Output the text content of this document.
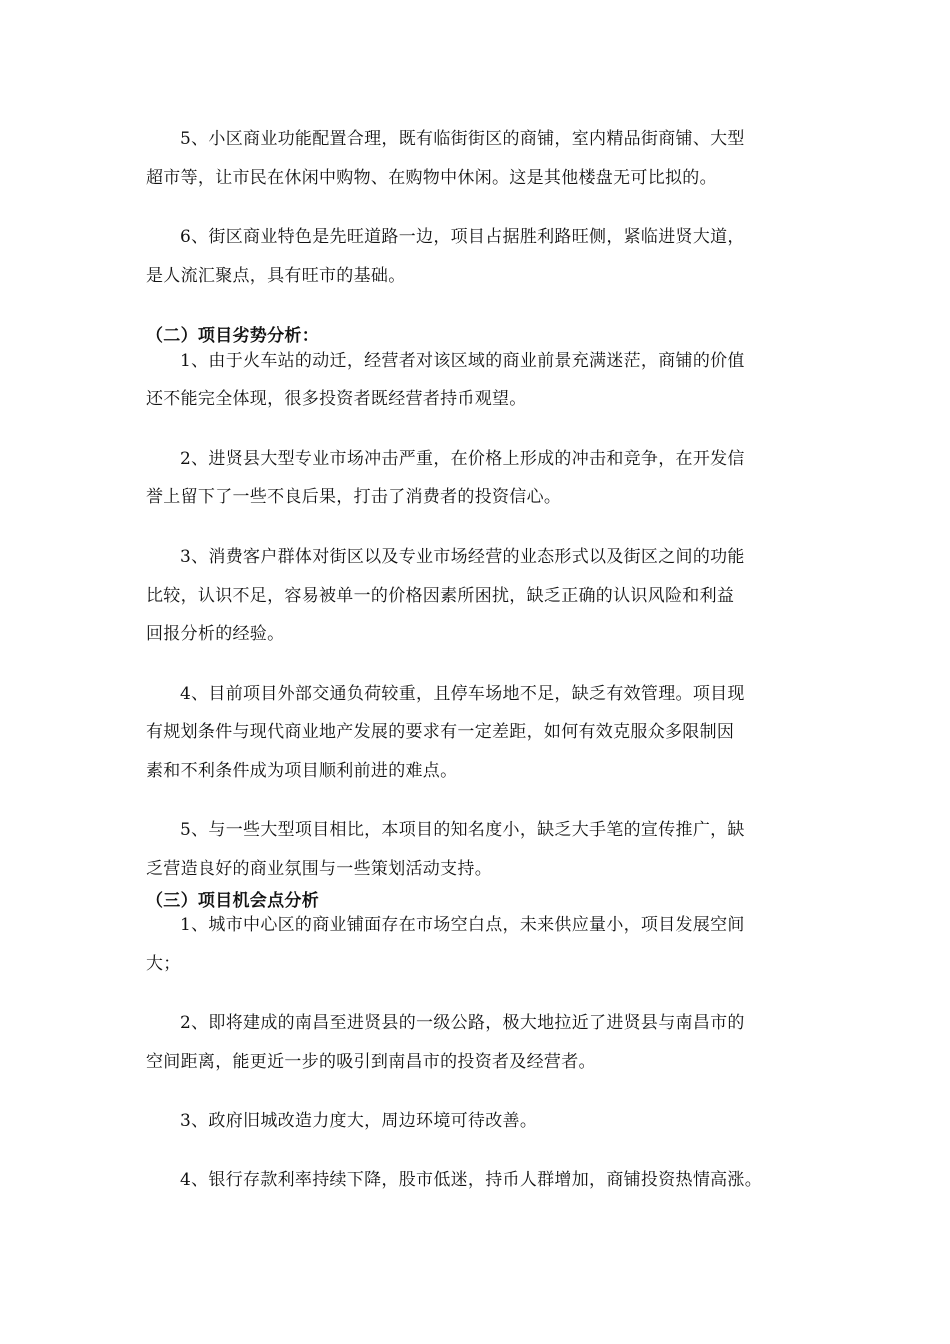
5、小区商业功能配置合理，既有临街街区的商铺，室内精品街商铺、大型
超市等，让市民在休闲中购物、在购物中休闲。这是其他楼盘无可比拟的。
6、街区商业特色是先旺道路一边，项目占据胜利路旺侧，紧临进贤大道，
是人流汇聚点，具有旺市的基础。
（二）项目劣势分析：
1、由于火车站的动迁，经营者对该区域的商业前景充满迷茫，商铺的价值
还不能完全体现，很多投资者既经营者持币观望。
2、进贤县大型专业市场冲击严重，在价格上形成的冲击和竞争，在开发信
誉上留下了一些不良后果，打击了消费者的投资信心。
3、消费客户群体对街区以及专业市场经营的业态形式以及街区之间的功能
比较，认识不足，容易被单一的价格因素所困扰，缺乏正确的认识风险和利益
回报分析的经验。
4、目前项目外部交通负荷较重，且停车场地不足，缺乏有效管理。项目现
有规划条件与现代商业地产发展的要求有一定差距，如何有效克服众多限制因
素和不利条件成为项目顺利前进的难点。
5、与一些大型项目相比，本项目的知名度小，缺乏大手笔的宣传推广，缺
乏营造良好的商业氛围与一些策划活动支持。
（三）项目机会点分析
1、城市中心区的商业铺面存在市场空白点，未来供应量小，项目发展空间
大；
2、即将建成的南昌至进贤县的一级公路，极大地拉近了进贤县与南昌市的
空间距离，能更近一步的吸引到南昌市的投资者及经营者。
3、政府旧城改造力度大，周边环境可待改善。
4、银行存款利率持续下降，股市低迷，持币人群增加，商铺投资热情高涨。
